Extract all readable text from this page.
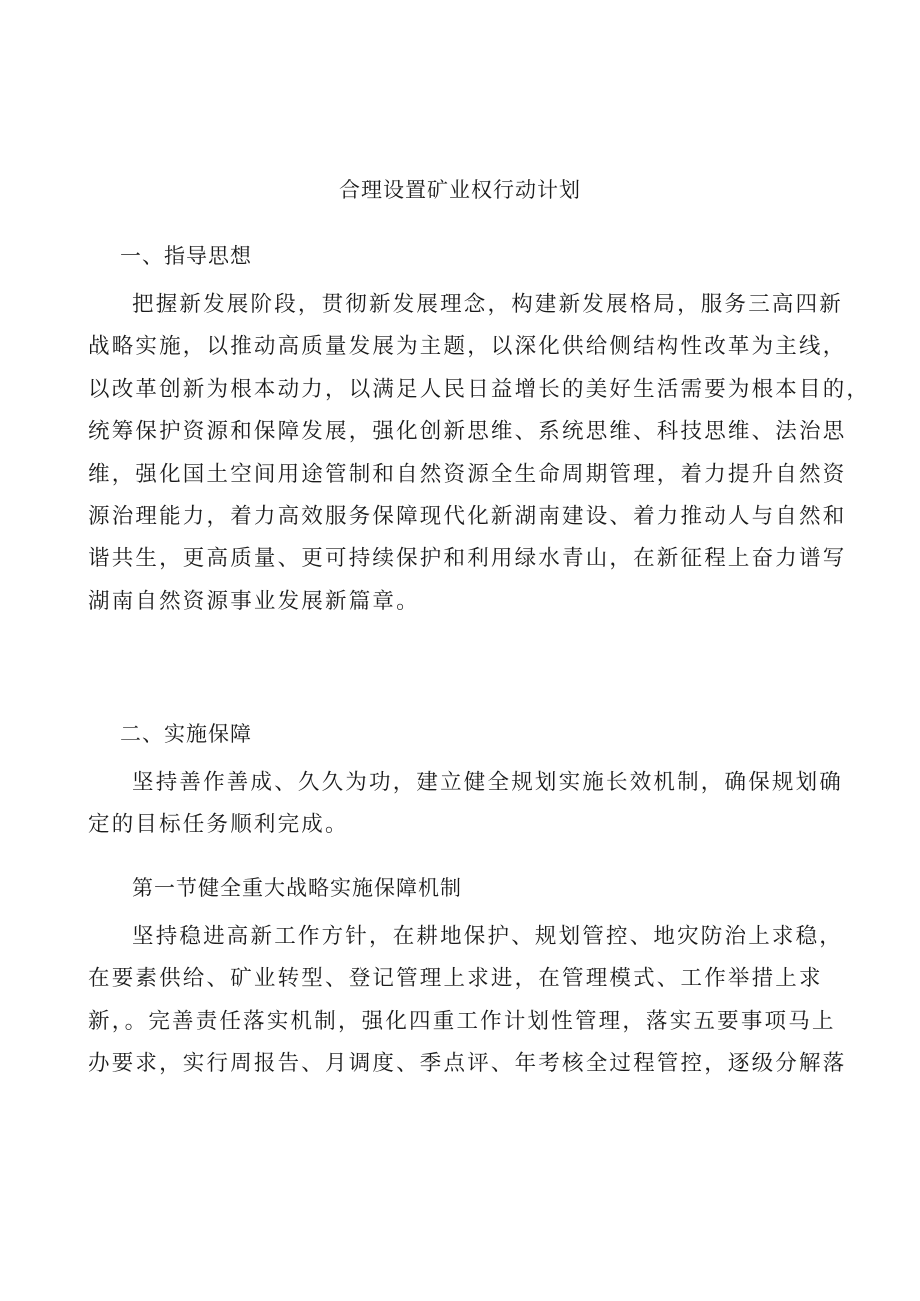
合理设置矿业权行动计划
一、指导思想
把握新发展阶段，贯彻新发展理念，构建新发展格局，服务三高四新
战略实施，以推动高质量发展为主题，以深化供给侧结构性改革为主线，
以改革创新为根本动力，以满足人民日益增长的美好生活需要为根本目的，
统筹保护资源和保障发展，强化创新思维、系统思维、科技思维、法治思
维，强化国土空间用途管制和自然资源全生命周期管理，着力提升自然资
源治理能力，着力高效服务保障现代化新湖南建设、着力推动人与自然和
谐共生，更高质量、更可持续保护和利用绿水青山，在新征程上奋力谱写
湖南自然资源事业发展新篇章。
二、实施保障
坚持善作善成、久久为功，建立健全规划实施长效机制，确保规划确
定的目标任务顺利完成。
第一节健全重大战略实施保障机制
坚持稳进高新工作方针，在耕地保护、规划管控、地灾防治上求稳，
在要素供给、矿业转型、登记管理上求进，在管理模式、工作举措上求
新，。完善责任落实机制，强化四重工作计划性管理，落实五要事项马上
办要求，实行周报告、月调度、季点评、年考核全过程管控，逐级分解落
